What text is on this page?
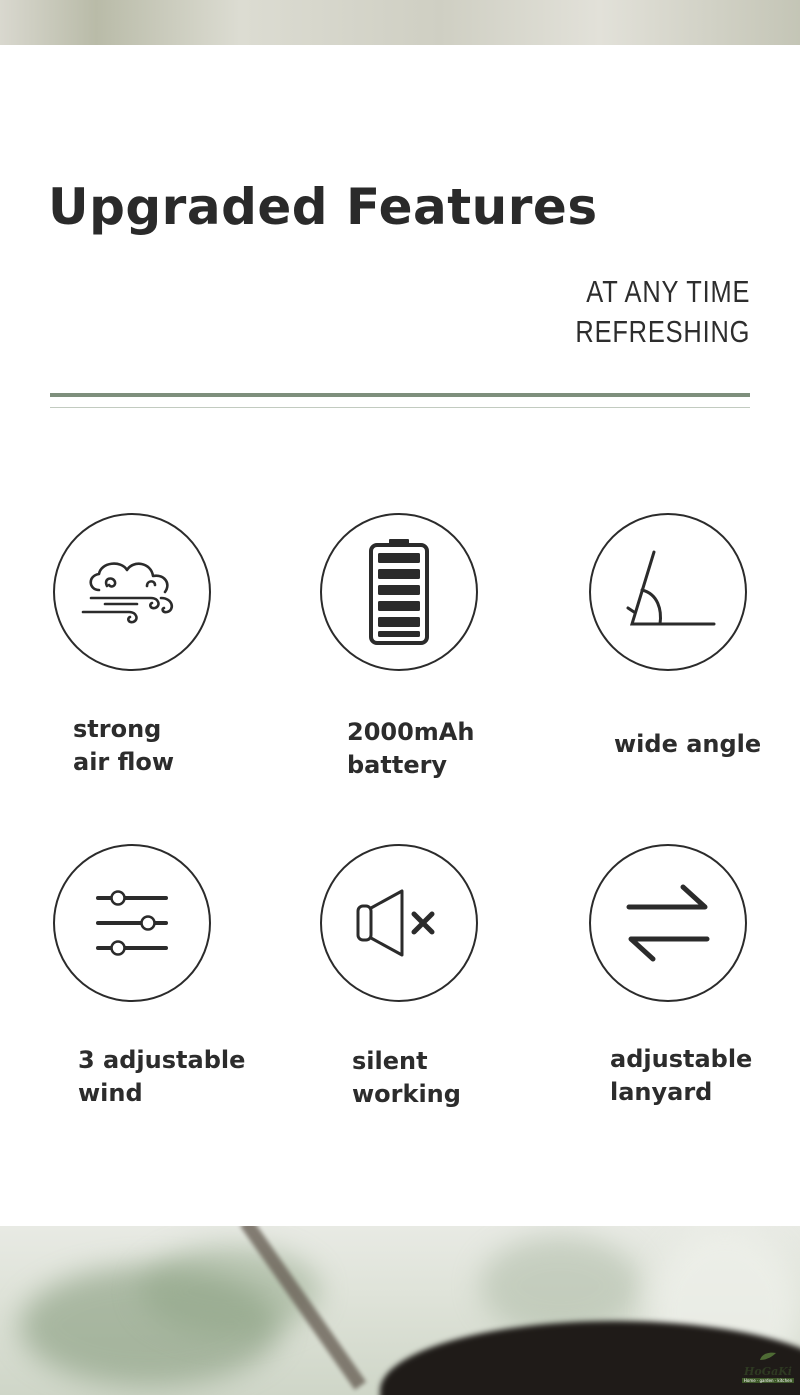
Upgraded Features
AT ANY TIME
REFRESHING
strong
air flow
2000mAh
battery
wide angle
3 adjustable
wind
silent
working
adjustable
lanyard
HoGaKi
Home · garden · kitchen
